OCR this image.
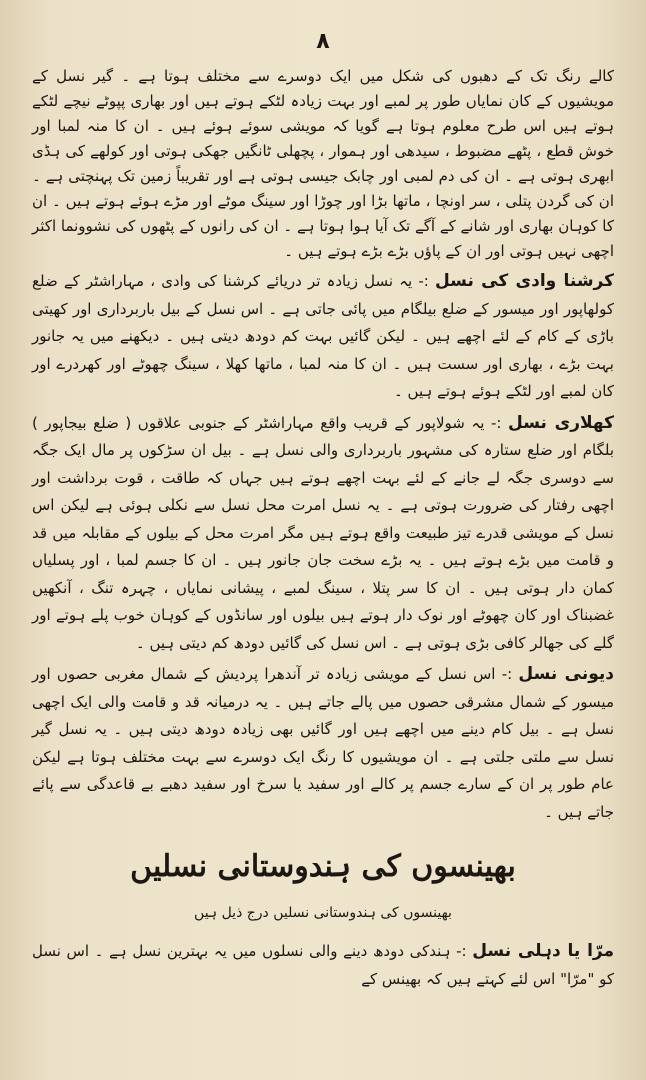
۸

کالے رنگ تک کے دھبوں کی شکل میں ایک دوسرے سے مختلف ہوتا ہے ۔ گیر نسل کے مویشیوں کے کان نمایاں طور پر لمبے اور بہت زیادہ لٹکے ہوتے ہیں اور بھاری پپوٹے نیچے لٹکے ہوتے ہیں اس طرح معلوم ہوتا ہے گویا کہ مویشی سوئے ہوئے ہیں ۔ ان کا منہ لمبا اور خوش قطع ، پٹھے مضبوط ، سیدھی اور ہموار ، پچھلی ٹانگیں جھکی ہوتی اور کولھے کی ہڈی ابھری ہوتی ہے ۔ ان کی دم لمبی اور چابک جیسی ہوتی ہے اور تقریباً زمین تک پہنچتی ہے ۔ ان کی گردن پتلی ، سر اونچا ، ماتھا بڑا اور چوڑا اور سینگ موٹے اور مڑے ہوئے ہوتے ہیں ۔ ان کا کوہان بھاری اور شانے کے آگے تک آیا ہوا ہوتا ہے ۔ ان کی رانوں کے پٹھوں کی نشوونما اکثر اچھی نہیں ہوتی اور ان کے پاؤں بڑے بڑے ہوتے ہیں ۔

کرشنا وادی کی نسل :- یہ نسل زیادہ تر دریائے کرشنا کی وادی ، مہاراشٹر کے ضلع کولھاپور اور میسور کے ضلع بیلگام میں پائی جاتی ہے ۔ اس نسل کے بیل باربرداری اور کھیتی باڑی کے کام کے لئے اچھے ہیں ۔ لیکن گائیں بہت کم دودھ دیتی ہیں ۔ دیکھنے میں یہ جانور بہت بڑے ، بھاری اور سست ہیں ۔ ان کا منہ لمبا ، ماتھا کھلا ، سینگ چھوٹے اور کھردرے اور کان لمبے اور لٹکے ہوئے ہوتے ہیں ۔

کھلاری نسل :- یہ شولاپور کے قریب واقع مہاراشٹر کے جنوبی علاقوں ( ضلع بیجاپور ) بلگام اور ضلع ستارہ کی مشہور باربرداری والی نسل ہے ۔ بیل ان سڑکوں پر مال ایک جگہ سے دوسری جگہ لے جانے کے لئے بہت اچھے ہوتے ہیں جہاں کہ طاقت ، قوت برداشت اور اچھی رفتار کی ضرورت ہوتی ہے ۔ یہ نسل امرت محل نسل سے نکلی ہوئی ہے لیکن اس نسل کے مویشی قدرے تیز طبیعت واقع ہوتے ہیں مگر امرت محل کے بیلوں کے مقابلہ میں قد و قامت میں بڑے ہوتے ہیں ۔ یہ بڑے سخت جان جانور ہیں ۔ ان کا جسم لمبا ، اور پسلیاں کمان دار ہوتی ہیں ۔ ان کا سر پتلا ، سینگ لمبے ، پیشانی نمایاں ، چہرہ تنگ ، آنکھیں غضبناک اور کان چھوٹے اور نوک دار ہوتے ہیں بیلوں اور سانڈوں کے کوہان خوب پلے ہوتے اور گلے کی جھالر کافی بڑی ہوتی ہے ۔ اس نسل کی گائیں دودھ کم دیتی ہیں ۔

دیونی نسل :- اس نسل کے مویشی زیادہ تر آندھرا پردیش کے شمال مغربی حصوں اور میسور کے شمال مشرقی حصوں میں پالے جاتے ہیں ۔ یہ درمیانہ قد و قامت والی ایک اچھی نسل ہے ۔ بیل کام دینے میں اچھے ہیں اور گائیں بھی زیادہ دودھ دیتی ہیں ۔ یہ نسل گیر نسل سے ملتی جلتی ہے ۔ ان مویشیوں کا رنگ ایک دوسرے سے بہت مختلف ہوتا ہے لیکن عام طور پر ان کے سارے جسم پر کالے اور سفید یا سرخ اور سفید دھبے بے قاعدگی سے پائے جاتے ہیں ۔

بھینسوں کی ہندوستانی نسلیں
بھینسوں کی ہندوستانی نسلیں درج ذیل ہیں

مرّا یا دہلی نسل :- ہندکی دودھ دینے والی نسلوں میں یہ بہترین نسل ہے ۔ اس نسل کو "مرّا" اس لئے کہتے ہیں کہ بھینس کے
